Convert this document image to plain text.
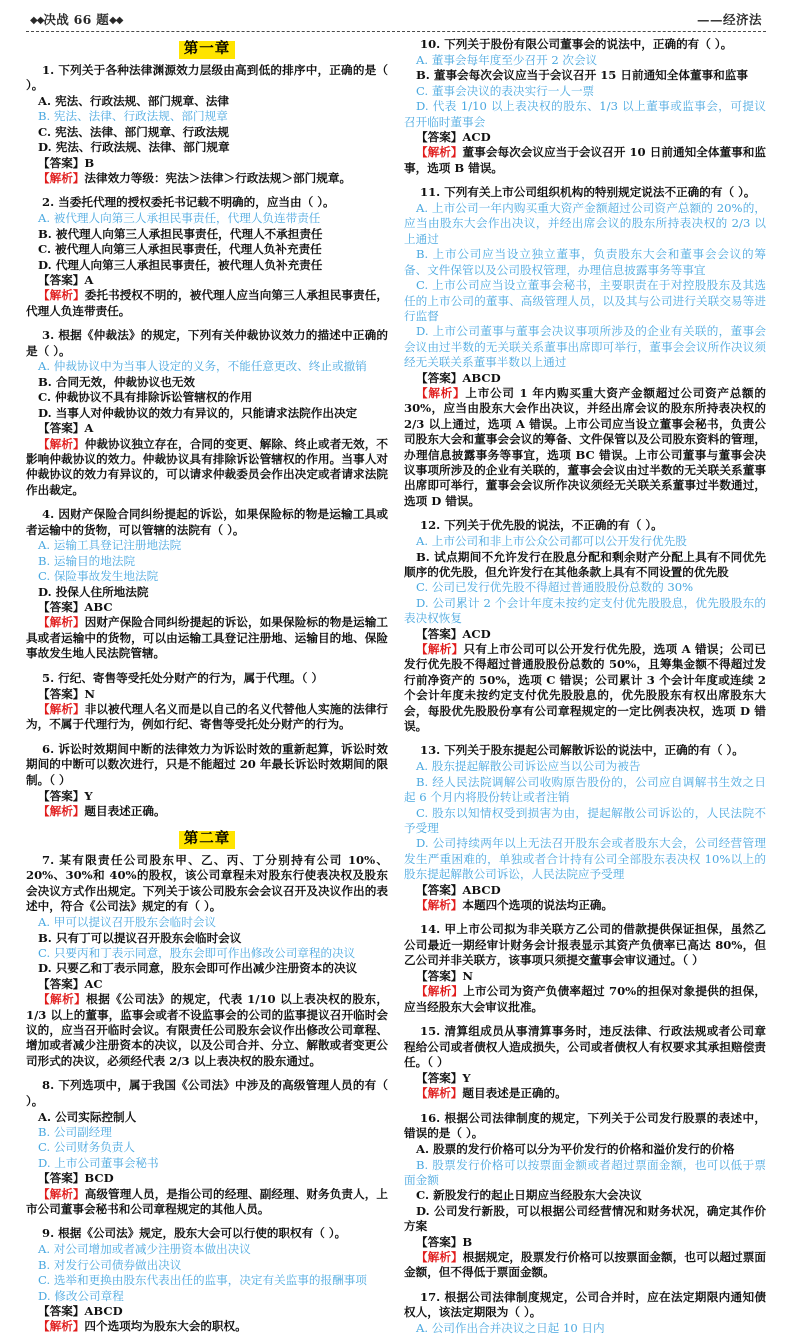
◆◆决战 66 题◆◆	——经济法
第一章
1. 下列关于各种法律渊源效力层级由高到低的排序中，正确的是（ ）。
A. 宪法、行政法规、部门规章、法律
B. 宪法、法律、行政法规、部门规章
C. 宪法、法律、部门规章、行政法规
D. 宪法、行政法规、法律、部门规章
【答案】B
【解析】法律效力等级：宪法＞法律＞行政法规＞部门规章。
2. 当委托代理的授权委托书记载不明确的，应当由（ ）。
A. 被代理人向第三人承担民事责任，代理人负连带责任
B. 被代理人向第三人承担民事责任，代理人不承担责任
C. 被代理人向第三人承担民事责任，代理人负补充责任
D. 代理人向第三人承担民事责任，被代理人负补充责任
【答案】A
【解析】委托书授权不明的，被代理人应当向第三人承担民事责任，代理人负连带责任。
3. 根据《仲裁法》的规定，下列有关仲裁协议效力的描述中正确的是（ ）。
A. 仲裁协议中为当事人设定的义务，不能任意更改、终止或撤销
B. 合同无效，仲裁协议也无效
C. 仲裁协议不具有排除诉讼管辖权的作用
D. 当事人对仲裁协议的效力有异议的，只能请求法院作出决定
【答案】A
【解析】仲裁协议独立存在，合同的变更、解除、终止或者无效，不影响仲裁协议的效力。仲裁协议具有排除诉讼管辖权的作用。当事人对仲裁协议的效力有异议的，可以请求仲裁委员会作出决定或者请求法院作出裁定。
4. 因财产保险合同纠纷提起的诉讼，如果保险标的物是运输工具或者运输中的货物，可以管辖的法院有（ ）。
A. 运输工具登记注册地法院
B. 运输目的地法院
C. 保险事故发生地法院
D. 投保人住所地法院
【答案】ABC
【解析】因财产保险合同纠纷提起的诉讼，如果保险标的物是运输工具或者运输中的货物，可以由运输工具登记注册地、运输目的地、保险事故发生地人民法院管辖。
5. 行纪、寄售等受托处分财产的行为，属于代理。（ ）
【答案】N
【解析】非以被代理人名义而是以自己的名义代替他人实施的法律行为，不属于代理行为，例如行纪、寄售等受托处分财产的行为。
6. 诉讼时效期间中断的法律效力为诉讼时效的重新起算，诉讼时效期间的中断可以数次进行，只是不能超过 20 年最长诉讼时效期间的限制。（ ）
【答案】Y
【解析】题目表述正确。
第二章
7. 某有限责任公司股东甲、乙、丙、丁分别持有公司 10%、20%、30%和 40%的股权，该公司章程未对股东行使表决权及股东会决议方式作出规定。下列关于该公司股东会会议召开及决议作出的表述中，符合《公司法》规定的有（ ）。
A. 甲可以提议召开股东会临时会议
B. 只有丁可以提议召开股东会临时会议
C. 只要丙和丁表示同意，股东会即可作出修改公司章程的决议
D. 只要乙和丁表示同意，股东会即可作出减少注册资本的决议
【答案】AC
【解析】根据《公司法》的规定，代表 1/10 以上表决权的股东，1/3 以上的董事，监事会或者不设监事会的公司的监事提议召开临时会议的，应当召开临时会议。有限责任公司股东会议作出修改公司章程、增加或者减少注册资本的决议，以及公司合并、分立、解散或者变更公司形式的决议，必须经代表 2/3 以上表决权的股东通过。
8. 下列选项中，属于我国《公司法》中涉及的高级管理人员的有（ ）。
A. 公司实际控制人
B. 公司副经理
C. 公司财务负责人
D. 上市公司董事会秘书
【答案】BCD
【解析】高级管理人员，是指公司的经理、副经理、财务负责人，上市公司董事会秘书和公司章程规定的其他人员。
9. 根据《公司法》规定，股东大会可以行使的职权有（ ）。
A. 对公司增加或者减少注册资本做出决议
B. 对发行公司债券做出决议
C. 选举和更换由股东代表出任的监事，决定有关监事的报酬事项
D. 修改公司章程
【答案】ABCD
【解析】四个选项均为股东大会的职权。
10. 下列关于股份有限公司董事会的说法中，正确的有（ ）。
A. 董事会每年度至少召开 2 次会议
B. 董事会每次会议应当于会议召开 15 日前通知全体董事和监事
C. 董事会决议的表决实行一人一票
D. 代表 1/10 以上表决权的股东、1/3 以上董事或监事会，可提议召开临时董事会
【答案】ACD
【解析】董事会每次会议应当于会议召开 10 日前通知全体董事和监事，选项 B 错误。
11. 下列有关上市公司组织机构的特别规定说法不正确的有（ ）。
A. 上市公司一年内购买重大资产金额超过公司资产总额的 20%的，应当由股东大会作出决议，并经出席会议的股东所持表决权的 2/3 以上通过
B. 上市公司应当设立独立董事，负责股东大会和董事会会议的筹备、文件保管以及公司股权管理，办理信息披露事务等事宜
C. 上市公司应当设立董事会秘书，主要职责在于对控股股东及其选任的上市公司的董事、高级管理人员，以及其与公司进行关联交易等进行监督
D. 上市公司董事与董事会决议事项所涉及的企业有关联的，董事会会议由过半数的无关联关系董事出席即可举行，董事会会议所作决议须经无关联关系董事半数以上通过
【答案】ABCD
【解析】上市公司 1 年内购买重大资产金额超过公司资产总额的 30%，应当由股东大会作出决议，并经出席会议的股东所持表决权的 2/3 以上通过，选项 A 错误。上市公司应当设立董事会秘书，负责公司股东大会和董事会会议的筹备、文件保管以及公司股东资料的管理，办理信息披露事务等事宜，选项 BC 错误。上市公司董事与董事会决议事项所涉及的企业有关联的，董事会会议由过半数的无关联关系董事出席即可举行，董事会会议所作决议须经无关联关系董事过半数通过，选项 D 错误。
12. 下列关于优先股的说法，不正确的有（ ）。
A. 上市公司和非上市公众公司都可以公开发行优先股
B. 试点期间不允许发行在股息分配和剩余财产分配上具有不同优先顺序的优先股，但允许发行在其他条款上具有不同设置的优先股
C. 公司已发行优先股不得超过普通股股份总数的 30%
D. 公司累计 2 个会计年度未按约定支付优先股股息，优先股股东的表决权恢复
【答案】ACD
【解析】只有上市公司可以公开发行优先股，选项 A 错误；公司已发行优先股不得超过普通股股份总数的 50%，且筹集金额不得超过发行前净资产的 50%，选项 C 错误；公司累计 3 个会计年度或连续 2 个会计年度未按约定支付优先股股息的，优先股股东有权出席股东大会，每股优先股股份享有公司章程规定的一定比例表决权，选项 D 错误。
13. 下列关于股东提起公司解散诉讼的说法中，正确的有（ ）。
A. 股东提起解散公司诉讼应当以公司为被告
B. 经人民法院调解公司收购原告股份的，公司应自调解书生效之日起 6 个月内将股份转让或者注销
C. 股东以知情权受到损害为由，提起解散公司诉讼的，人民法院不予受理
D. 公司持续两年以上无法召开股东会或者股东大会，公司经营管理发生严重困难的，单独或者合计持有公司全部股东表决权 10%以上的股东提起解散公司诉讼，人民法院应予受理
【答案】ABCD
【解析】本题四个选项的说法均正确。
14. 甲上市公司拟为非关联方乙公司的借款提供保证担保，虽然乙公司最近一期经审计财务会计报表显示其资产负债率已高达 80%，但乙公司并非关联方，该事项只须提交董事会审议通过。（ ）
【答案】N
【解析】上市公司为资产负债率超过 70%的担保对象提供的担保，应当经股东大会审议批准。
15. 清算组成员从事清算事务时，违反法律、行政法规或者公司章程给公司或者债权人造成损失，公司或者债权人有权要求其承担赔偿责任。（ ）
【答案】Y
【解析】题目表述是正确的。
16. 根据公司法律制度的规定，下列关于公司发行股票的表述中，错误的是（ ）。
A. 股票的发行价格可以分为平价发行的价格和溢价发行的价格
B. 股票发行价格可以按票面金额或者超过票面金额，也可以低于票面金额
C. 新股发行的起止日期应当经股东大会决议
D. 公司发行新股，可以根据公司经营情况和财务状况，确定其作价方案
【答案】B
【解析】根据规定，股票发行价格可以按票面金额，也可以超过票面金额，但不得低于票面金额。
17. 根据公司法律制度规定，公司合并时，应在法定期限内通知债权人，该法定期限为（ ）。
A. 公司作出合并决议之日起 10 日内
